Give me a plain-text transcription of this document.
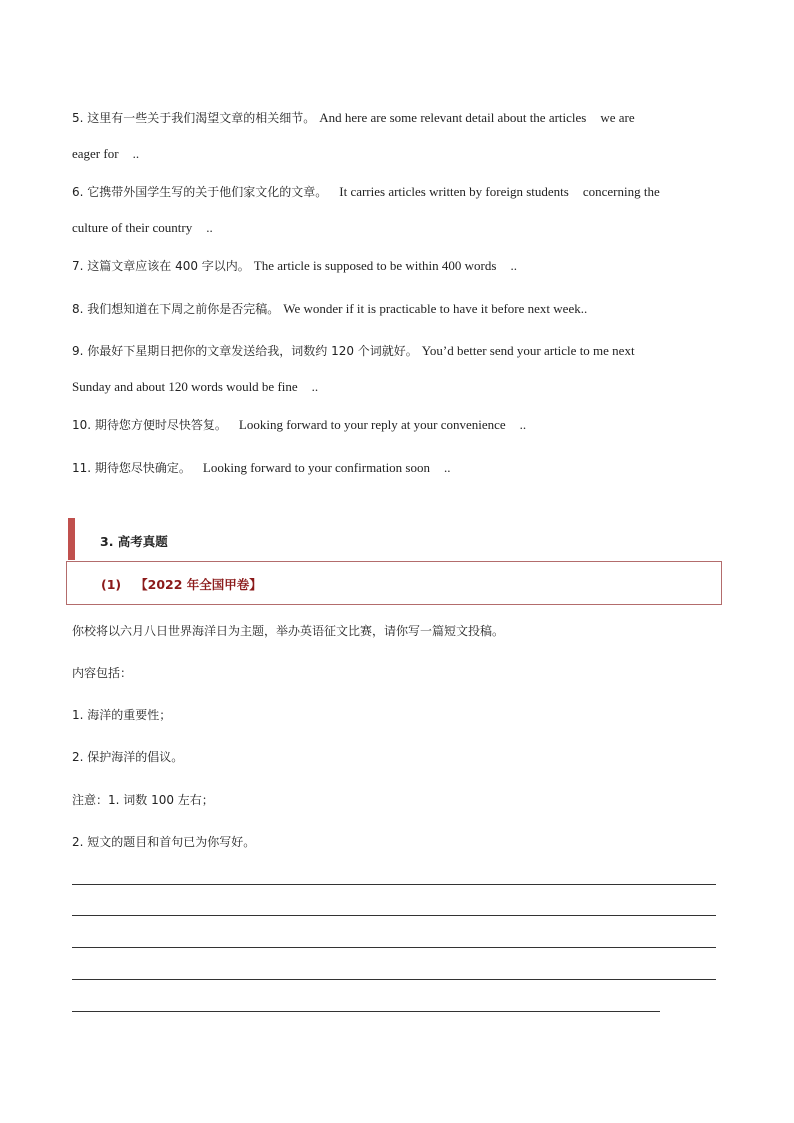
5. 这里有一些关于我们渴望文章的相关细节。 And here are some relevant detail about the articles we are
eager for ..
6. 它携带外国学生写的关于他们家文化的文章。 It carries articles written by foreign students concerning the
culture of their country ..
7. 这篇文章应该在 400 字以内。 The article is supposed to be within 400 words ..
8. 我们想知道在下周之前你是否完稿。 We wonder if it is practicable to have it before next week..
9. 你最好下星期日把你的文章发送给我，词数约 120 个词就好。 You’d better send your article to me next
Sunday and about 120 words would be fine ..
10. 期待您方便时尽快答复。 Looking forward to your reply at your convenience ..
11. 期待您尽快确定。 Looking forward to your confirmation soon ..
3. 高考真题
(1) 【2022 年全国甲卷】
你校将以六月八日世界海洋日为主题，举办英语征文比赛，请你写一篇短文投稿。
内容包括：
1. 海洋的重要性；
2. 保护海洋的倡议。
注意：1. 词数 100 左右；
2. 短文的题目和首句已为你写好。
